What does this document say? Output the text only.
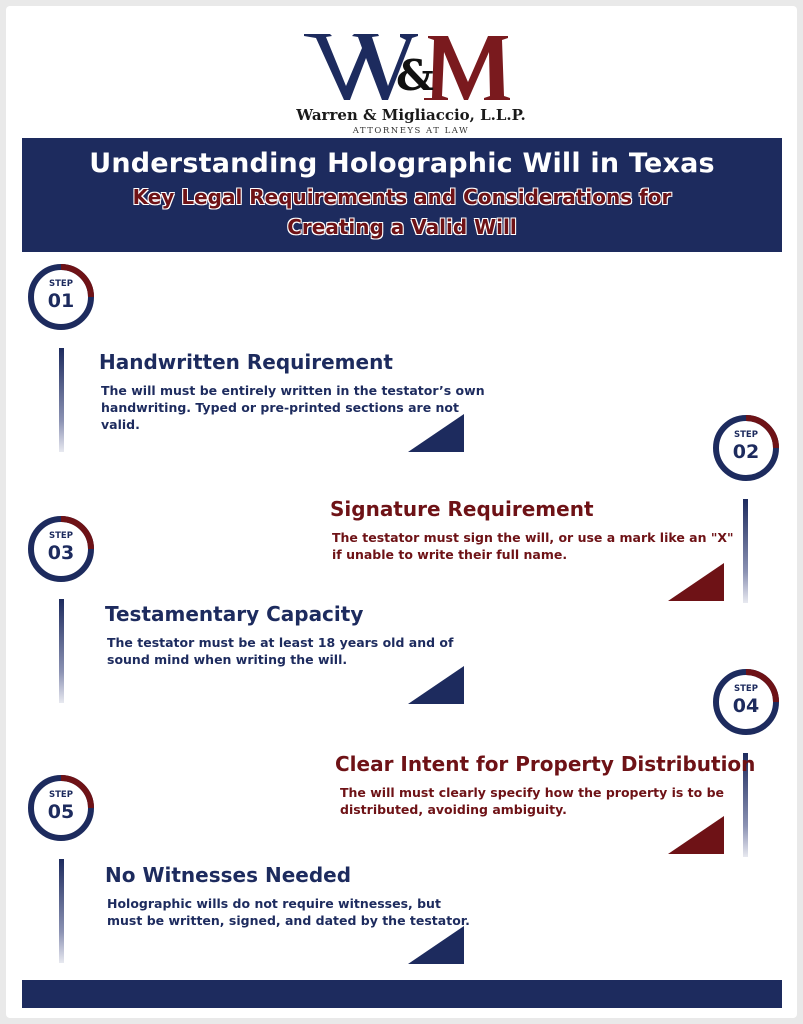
&
Warren & Migliaccio, L.L.P.
ATTORNEYS AT LAW
Understanding Holographic Will in Texas
Key Legal Requirements and Considerations for Creating a Valid Will
STEP
01
Handwritten Requirement
The will must be entirely written in the testator’s own
handwriting. Typed or pre-printed sections are not
valid.
STEP
02
Signature Requirement
The testator must sign the will, or use a mark like an "X"
if unable to write their full name.
STEP
03
Testamentary Capacity
The testator must be at least 18 years old and of
sound mind when writing the will.
STEP
04
Clear Intent for Property Distribution
The will must clearly specify how the property is to be
distributed, avoiding ambiguity.
STEP
05
No Witnesses Needed
Holographic wills do not require witnesses, but
must be written, signed, and dated by the testator.
